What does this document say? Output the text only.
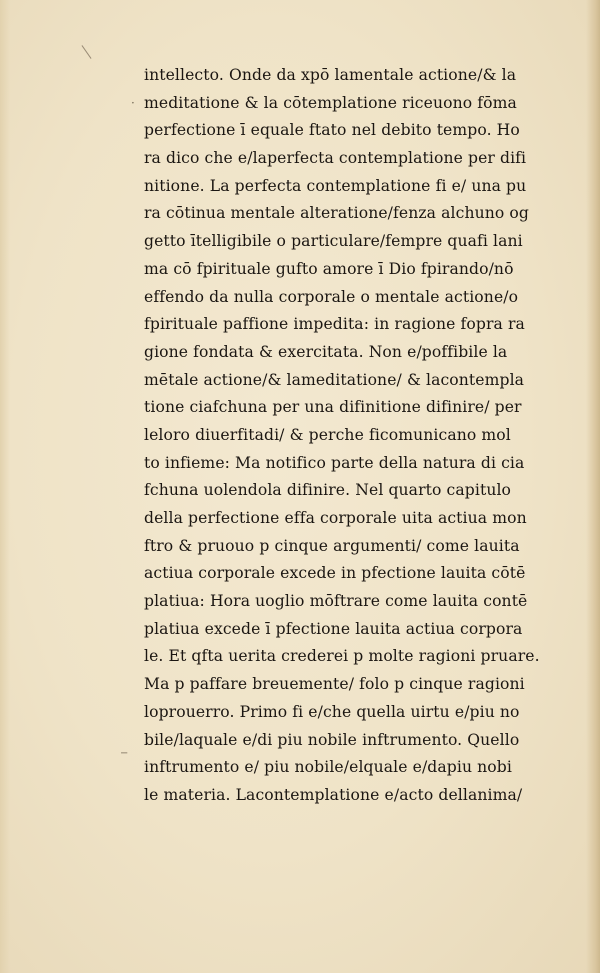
·
−
intellecto. Onde da xpō lamentale actione/& la
meditatione & la cōtemplatione riceuono fōma
perfectione ī equale ftato nel debito tempo. Ho
ra dico che e/laperfecta contemplatione per difi
nitione. La perfecta contemplatione fi e/ una pu
ra cōtinua mentale alteratione/fenza alchuno og
getto ītelligibile o particulare/fempre quafi lani
ma cō fpirituale gufto amore ī Dio fpirando/nō
effendo da nulla corporale o mentale actione/o
fpirituale paffione impedita: in ragione fopra ra
gione fondata & exercitata. Non e/poffibile la
mētale actione/& lameditatione/ & lacontempla
tione ciafchuna per una difinitione difinire/ per
leloro diuerfitadi/ & perche ficomunicano mol
to infieme: Ma notifico parte della natura di cia
fchuna uolendola difinire. Nel quarto capitulo
della perfectione effa corporale uita actiua mon
ftro & pruouo p cinque argumenti/ come lauita
actiua corporale excede in pfectione lauita cōtē
platiua: Hora uoglio mōftrare come lauita contē
platiua excede ī pfectione lauita actiua corpora
le. Et qfta uerita crederei p molte ragioni pruare.
Ma p paffare breuemente/ folo p cinque ragioni
loprouerro. Primo fi e/che quella uirtu e/piu no
bile/laquale e/di piu nobile inftrumento. Quello
inftrumento e/ piu nobile/elquale e/dapiu nobi
le materia. Lacontemplatione e/acto dellanima/
